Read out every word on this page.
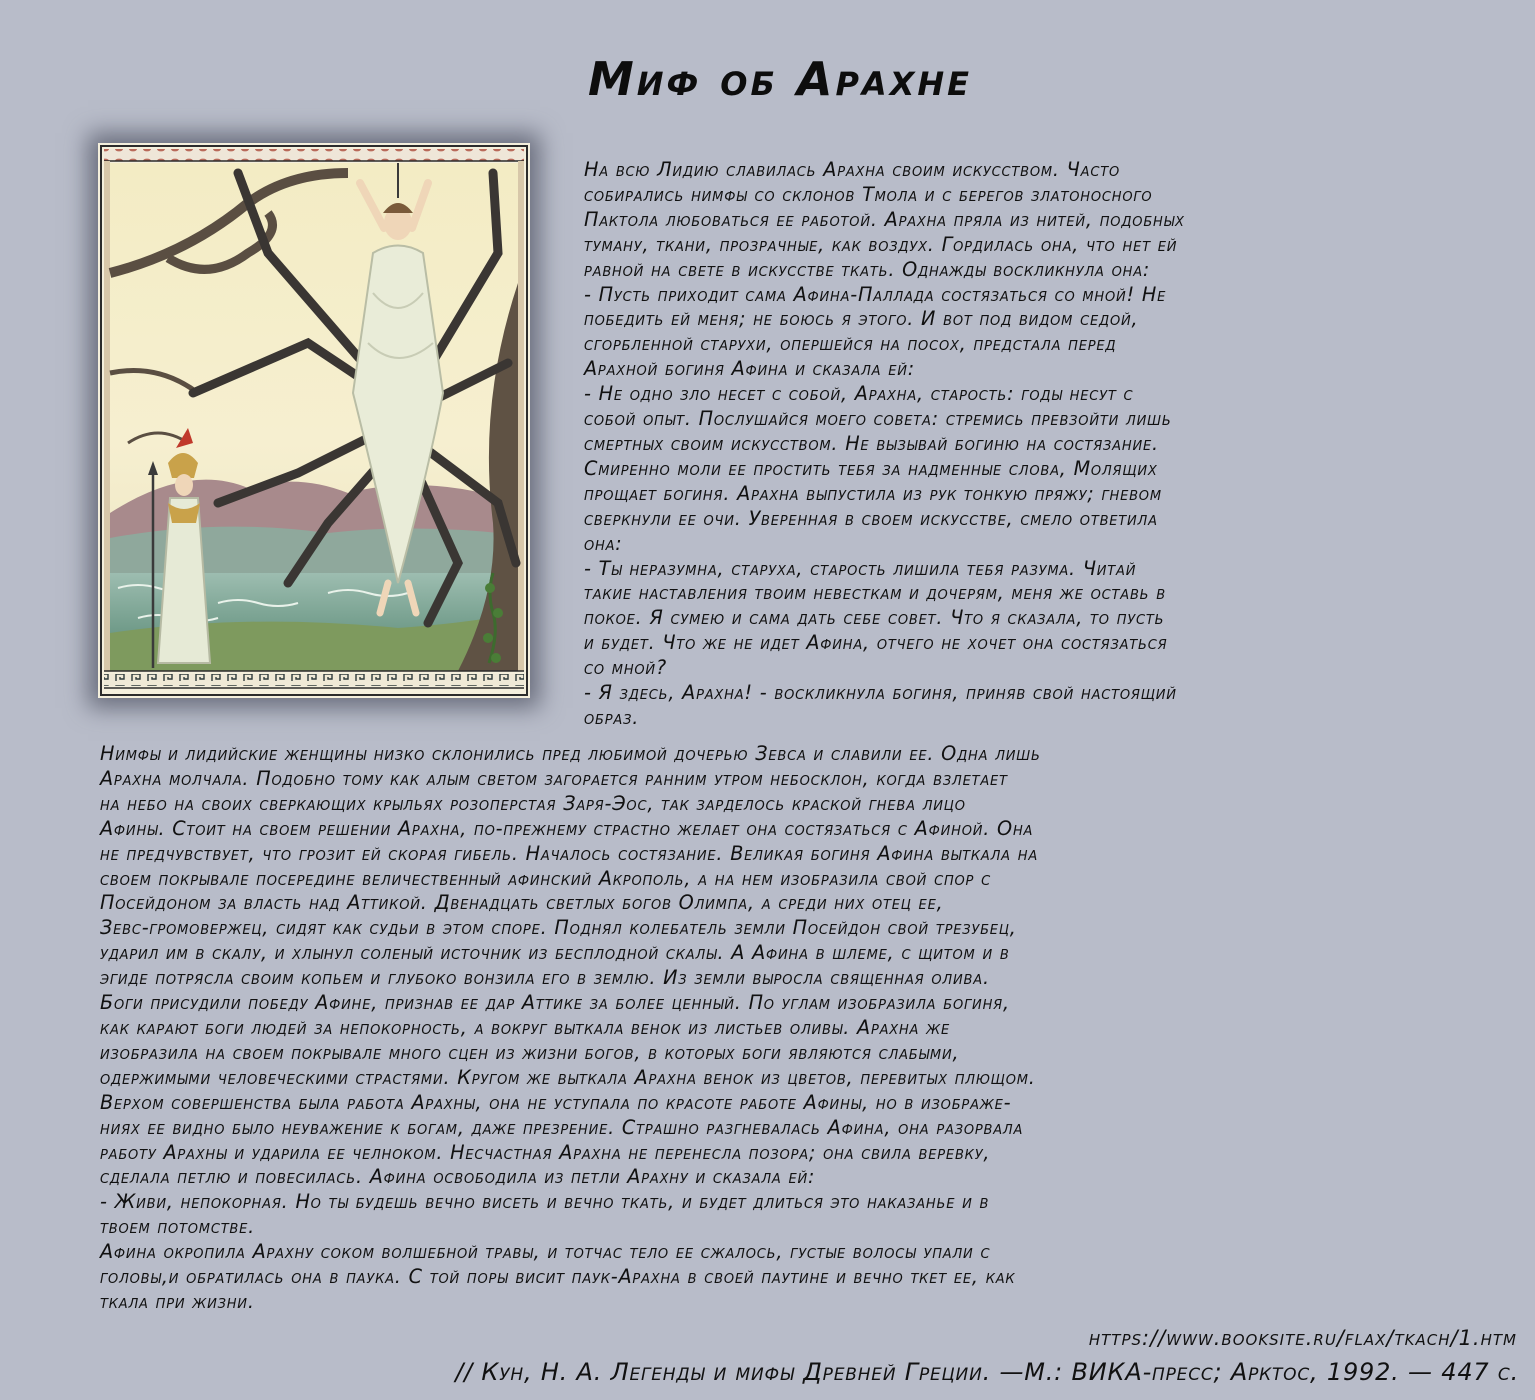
Миф об Арахне
На всю Лидию славилась Арахна своим искусством. Часто
собирались нимфы со склонов Тмола и с берегов златоносного
Пактола любоваться ее работой. Арахна пряла из нитей, подобных
туману, ткани, прозрачные, как воздух. Гордилась она, что нет ей
равной на свете в искусстве ткать. Однажды воскликнула она:
- Пусть приходит сама Афина-Паллада состязаться со мной! Не
победить ей меня; не боюсь я этого. И вот под видом седой,
сгорбленной старухи, опершейся на посох, предстала перед
Арахной богиня Афина и сказала ей:
- Не одно зло несет с собой, Арахна, старость: годы несут с
собой опыт. Послушайся моего совета: стремись превзойти лишь
смертных своим искусством. Не вызывай богиню на состязание.
Смиренно моли ее простить тебя за надменные слова, Молящих
прощает богиня. Арахна выпустила из рук тонкую пряжу; гневом
сверкнули ее очи. Уверенная в своем искусстве, смело ответила
она:
- Ты неразумна, старуха, старость лишила тебя разума. Читай
такие наставления твоим невесткам и дочерям, меня же оставь в
покое. Я сумею и сама дать себе совет. Что я сказала, то пусть
и будет. Что же не идет Афина, отчего не хочет она состязаться
со мной?
- Я здесь, Арахна! - воскликнула богиня, приняв свой настоящий
образ.
Нимфы и лидийские женщины низко склонились пред любимой дочерью Зевса и славили ее. Одна лишь
Арахна молчала. Подобно тому как алым светом загорается ранним утром небосклон, когда взлетает
на небо на своих сверкающих крыльях розоперстая Заря-Эос, так зарделось краской гнева лицо
Афины. Стоит на своем решении Арахна, по-прежнему страстно желает она состязаться с Афиной. Она
не предчувствует, что грозит ей скорая гибель. Началось состязание. Великая богиня Афина выткала на
своем покрывале посередине величественный афинский Акрополь, а на нем изобразила свой спор с
Посейдоном за власть над Аттикой. Двенадцать светлых богов Олимпа, а среди них отец ее,
Зевс-громовержец, сидят как судьи в этом споре. Поднял колебатель земли Посейдон свой трезубец,
ударил им в скалу, и хлынул соленый источник из бесплодной скалы. А Афина в шлеме, с щитом и в
эгиде потрясла своим копьем и глубоко вонзила его в землю. Из земли выросла священная олива.
Боги присудили победу Афине, признав ее дар Аттике за более ценный. По углам изобразила богиня,
как карают боги людей за непокорность, а вокруг выткала венок из листьев оливы. Арахна же
изобразила на своем покрывале много сцен из жизни богов, в которых боги являются слабыми,
одержимыми человеческими страстями. Кругом же выткала Арахна венок из цветов, перевитых плющом.
Верхом совершенства была работа Арахны, она не уступала по красоте работе Афины, но в изображе-
ниях ее видно было неуважение к богам, даже презрение. Страшно разгневалась Афина, она разорвала
работу Арахны и ударила ее челноком. Несчастная Арахна не перенесла позора; она свила веревку,
сделала петлю и повесилась. Афина освободила из петли Арахну и сказала ей:
- Живи, непокорная. Но ты будешь вечно висеть и вечно ткать, и будет длиться это наказанье и в
твоем потомстве.
Афина окропила Арахну соком волшебной травы, и тотчас тело ее сжалось, густые волосы упали с
головы,и обратилась она в паука. С той поры висит паук-Арахна в своей паутине и вечно ткет ее, как
ткала при жизни.
https://www.booksite.ru/flax/tkach/1.htm
// Кун, Н. А. Легенды и мифы Древней Греции. —М.: ВИКА-пресс; Арктос, 1992. — 447 с.
